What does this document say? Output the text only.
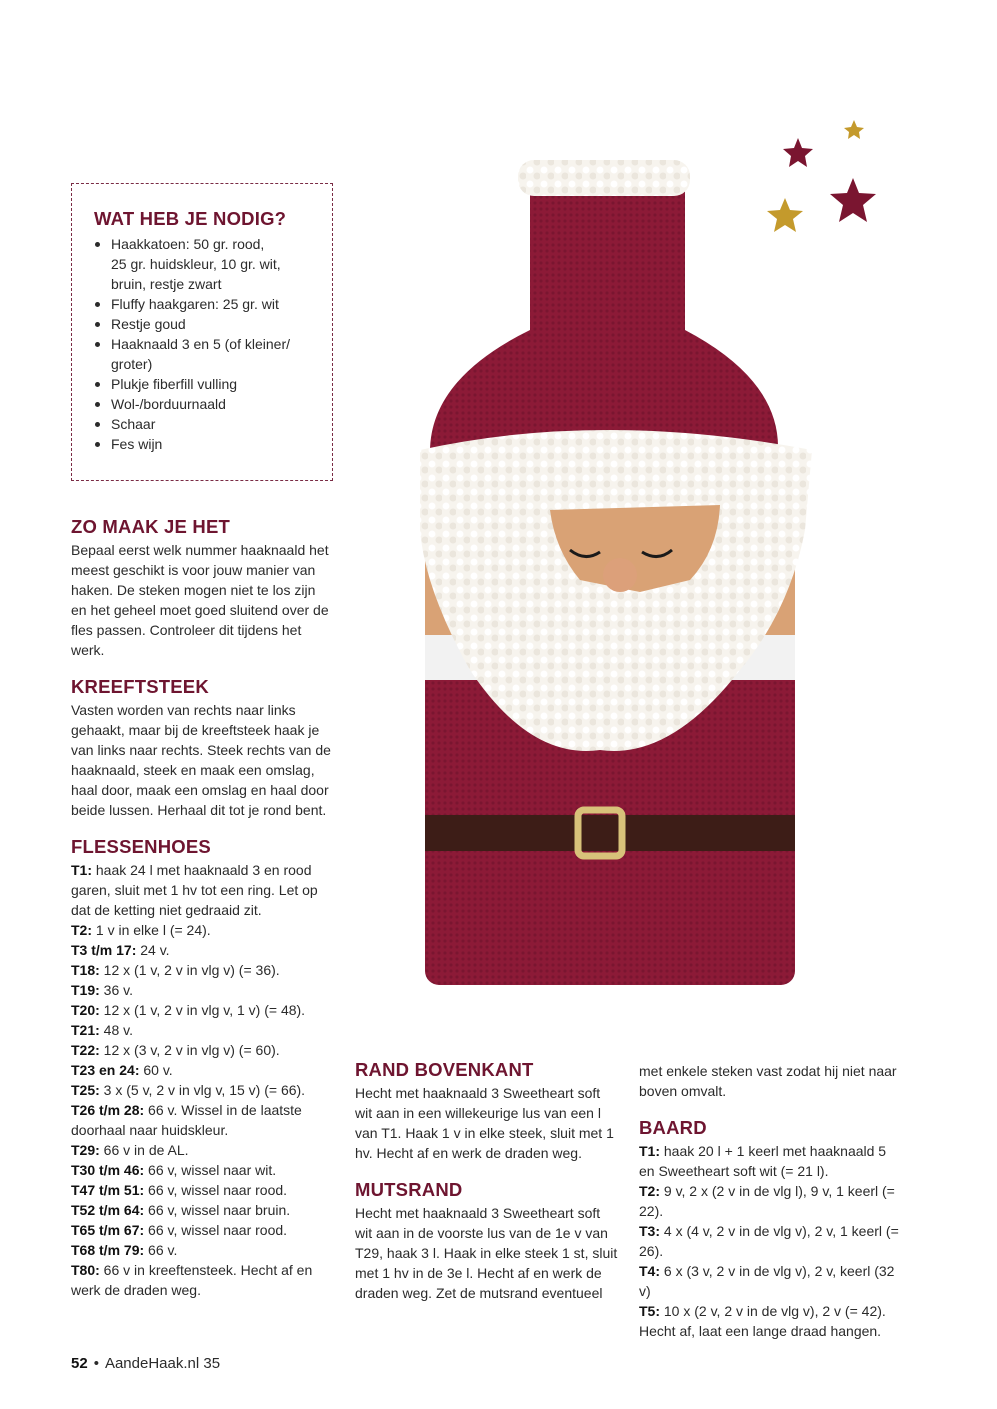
WAT HEB JE NODIG?
Haakkatoen: 50 gr. rood,
25 gr. huidskleur, 10 gr. wit,
bruin, restje zwart
Fluffy haakgaren: 25 gr. wit
Restje goud
Haaknaald 3 en 5 (of kleiner/
groter)
Plukje fiberfill vulling
Wol-/borduurnaald
Schaar
Fes wijn
ZO MAAK JE HET
Bepaal eerst welk nummer haaknaald het meest geschikt is voor jouw manier van haken. De steken mogen niet te los zijn en het geheel moet goed sluitend over de fles passen. Controleer dit tijdens het werk.
KREEFTSTEEK
Vasten worden van rechts naar links gehaakt, maar bij de kreeftsteek haak je van links naar rechts. Steek rechts van de haaknaald, steek en maak een omslag, haal door, maak een omslag en haal door beide lussen. Herhaal dit tot je rond bent.
FLESSENHOES
T1: haak 24 l met haaknaald 3 en rood garen, sluit met 1 hv tot een ring. Let op dat de ketting niet gedraaid zit.
T2: 1 v in elke l (= 24).
T3 t/m 17: 24 v.
T18: 12 x (1 v, 2 v in vlg v) (= 36).
T19: 36 v.
T20: 12 x (1 v, 2 v in vlg v, 1 v) (= 48).
T21: 48 v.
T22: 12 x (3 v, 2 v in vlg v) (= 60).
T23 en 24: 60 v.
T25: 3 x (5 v, 2 v in vlg v, 15 v) (= 66).
T26 t/m 28: 66 v. Wissel in de laatste doorhaal naar huidskleur.
T29: 66 v in de AL.
T30 t/m 46: 66 v, wissel naar wit.
T47 t/m 51: 66 v, wissel naar rood.
T52 t/m 64: 66 v, wissel naar bruin.
T65 t/m 67: 66 v, wissel naar rood.
T68 t/m 79: 66 v.
T80: 66 v in kreeftensteek. Hecht af en werk de draden weg.
RAND BOVENKANT
Hecht met haaknaald 3 Sweetheart soft wit aan in een willekeurige lus van een l van T1. Haak 1 v in elke steek, sluit met 1 hv. Hecht af en werk de draden weg.
MUTSRAND
Hecht met haaknaald 3 Sweetheart soft wit aan in de voorste lus van de 1e v van T29, haak 3 l. Haak in elke steek 1 st, sluit met 1 hv in de 3e l. Hecht af en werk de draden weg. Zet de mutsrand eventueel
met enkele steken vast zodat hij niet naar boven omvalt.
BAARD
T1: haak 20 l + 1 keerl met haaknaald 5 en Sweetheart soft wit (= 21 l).
T2: 9 v, 2 x (2 v in de vlg l), 9 v, 1 keerl (= 22).
T3: 4 x (4 v, 2 v in de vlg v), 2 v, 1 keerl (= 26).
T4: 6 x (3 v, 2 v in de vlg v), 2 v, keerl (32 v)
T5: 10 x (2 v, 2 v in de vlg v), 2 v (= 42). Hecht af, laat een lange draad hangen.
52 • AandeHaak.nl 35
